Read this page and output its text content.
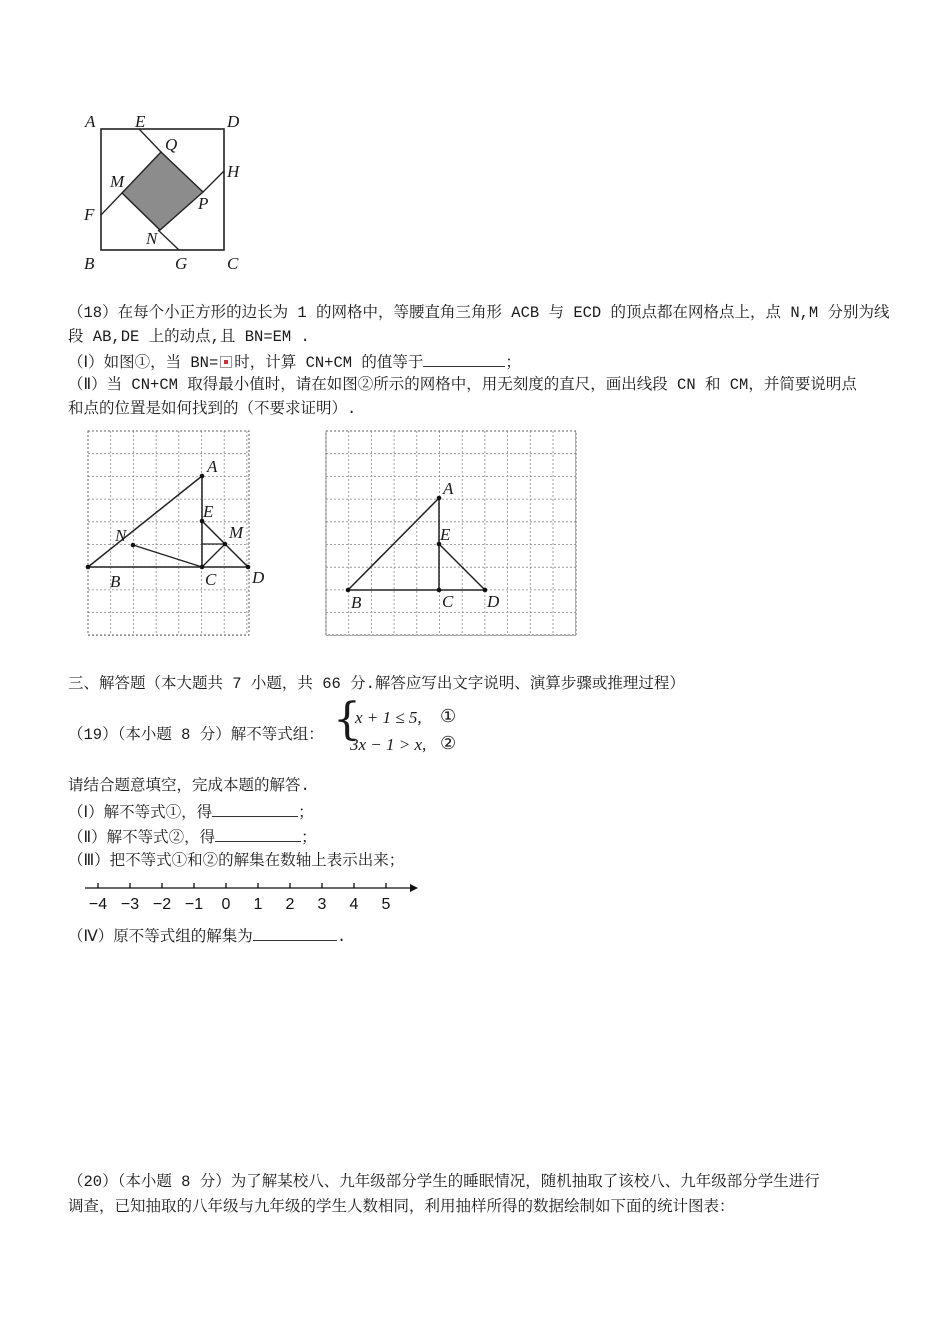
A E	D
Q
H
M
P
F
N
B	G C
（18）在每个小正方形的边长为 1 的网格中，等腰直角三角形 ACB 与 ECD 的顶点都在网格点上，点 N,M 分别为线
段 AB,DE 上的动点,且 BN=EM .
（Ⅰ）如图①，当 BN= 时，计算 CN+CM 的值等于	；
（Ⅱ）当 CN+CM 取得最小值时，请在如图②所示的网格中，用无刻度的直尺，画出线段 CN 和 CM，并简要说明点
和点的位置是如何找到的（不要求证明）.
A
E
N	M
B	C D
A
E
B	C D
三、解答题（本大题共 7 小题，共 66 分.解答应写出文字说明、演算步骤或推理过程）
（19）（本小题 8 分）解不等式组： {
x + 1 ≤ 5, ①
3x − 1 > x, ②
请结合题意填空，完成本题的解答.
（Ⅰ）解不等式①，得	；
（Ⅱ）解不等式②，得	；
（Ⅲ）把不等式①和②的解集在数轴上表示出来；
−4 −3 −2 −1 0 1 2 3 4 5
（Ⅳ）原不等式组的解集为	.
（20）（本小题 8 分）为了解某校八、九年级部分学生的睡眠情况，随机抽取了该校八、九年级部分学生进行
调查，已知抽取的八年级与九年级的学生人数相同，利用抽样所得的数据绘制如下面的统计图表：
